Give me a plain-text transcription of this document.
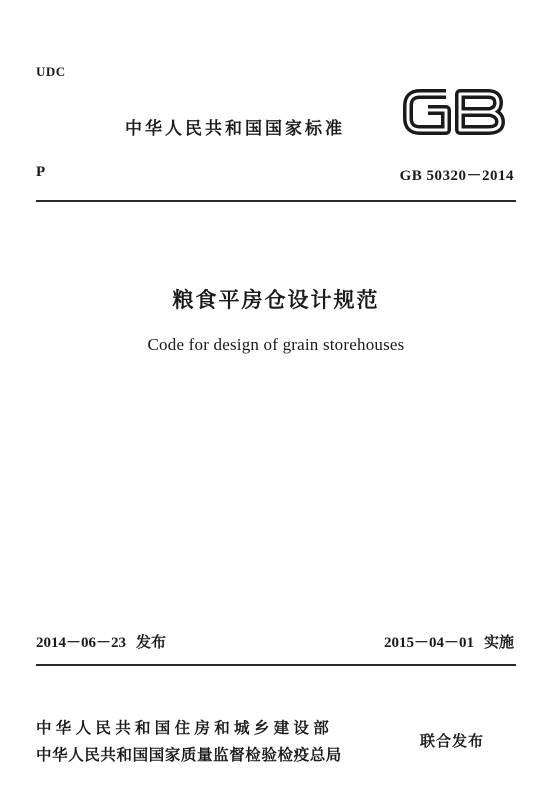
UDC
中华人民共和国国家标准
P	GB 50320－2014
粮食平房仓设计规范
Code for design of grain storehouses
2014－06－23 发布	2015－04－01 实施
中华人民共和国住房和城乡建设部
中华人民共和国国家质量监督检验检疫总局
联合发布
